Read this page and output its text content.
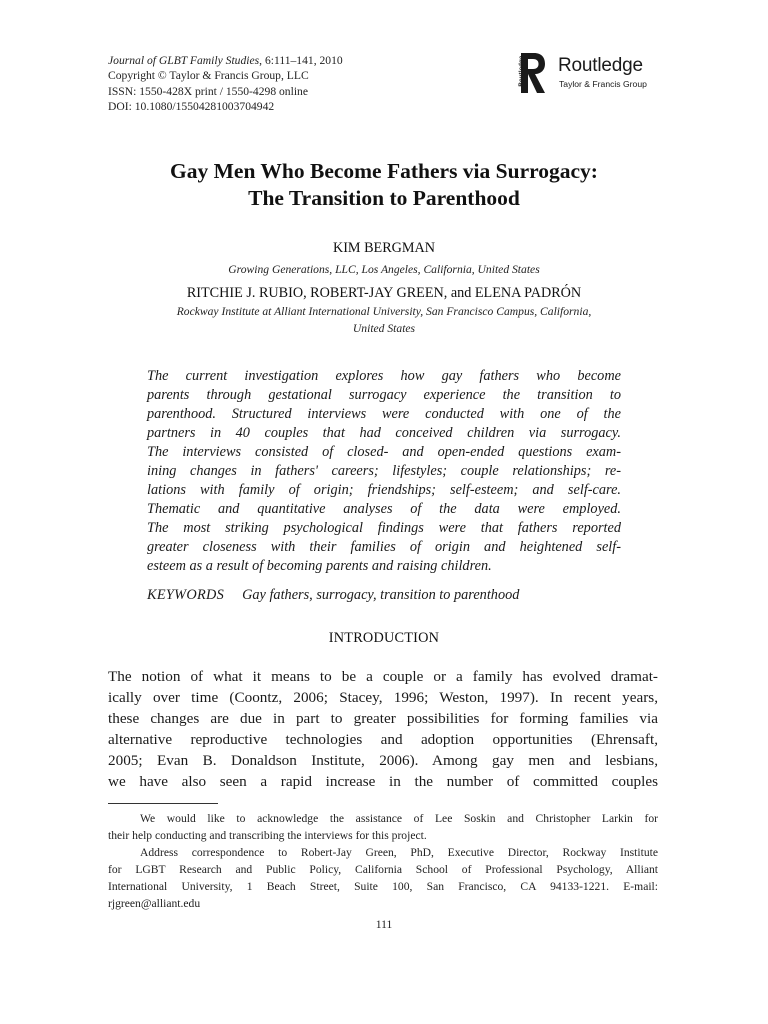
Journal of GLBT Family Studies, 6:111–141, 2010
Copyright © Taylor & Francis Group, LLC
ISSN: 1550-428X print / 1550-4298 online
DOI: 10.1080/15504281003704942
Routledge Routledge
Taylor & Francis Group
Gay Men Who Become Fathers via Surrogacy:
The Transition to Parenthood
KIM BERGMAN
Growing Generations, LLC, Los Angeles, California, United States
RITCHIE J. RUBIO, ROBERT-JAY GREEN, and ELENA PADRÓN
Rockway Institute at Alliant International University, San Francisco Campus, California,
United States
The current investigation explores how gay fathers who become
parents through gestational surrogacy experience the transition to
parenthood. Structured interviews were conducted with one of the
partners in 40 couples that had conceived children via surrogacy.
The interviews consisted of closed- and open-ended questions exam-
ining changes in fathers' careers; lifestyles; couple relationships; re-
lations with family of origin; friendships; self-esteem; and self-care.
Thematic and quantitative analyses of the data were employed.
The most striking psychological findings were that fathers reported
greater closeness with their families of origin and heightened self-
esteem as a result of becoming parents and raising children.
KEYWORDS Gay fathers, surrogacy, transition to parenthood
INTRODUCTION
The notion of what it means to be a couple or a family has evolved dramat-
ically over time (Coontz, 2006; Stacey, 1996; Weston, 1997). In recent years,
these changes are due in part to greater possibilities for forming families via
alternative reproductive technologies and adoption opportunities (Ehrensaft,
2005; Evan B. Donaldson Institute, 2006). Among gay men and lesbians,
we have also seen a rapid increase in the number of committed couples
We would like to acknowledge the assistance of Lee Soskin and Christopher Larkin for
their help conducting and transcribing the interviews for this project.
Address correspondence to Robert-Jay Green, PhD, Executive Director, Rockway Institute
for LGBT Research and Public Policy, California School of Professional Psychology, Alliant
International University, 1 Beach Street, Suite 100, San Francisco, CA 94133-1221. E-mail:
rjgreen@alliant.edu
111
